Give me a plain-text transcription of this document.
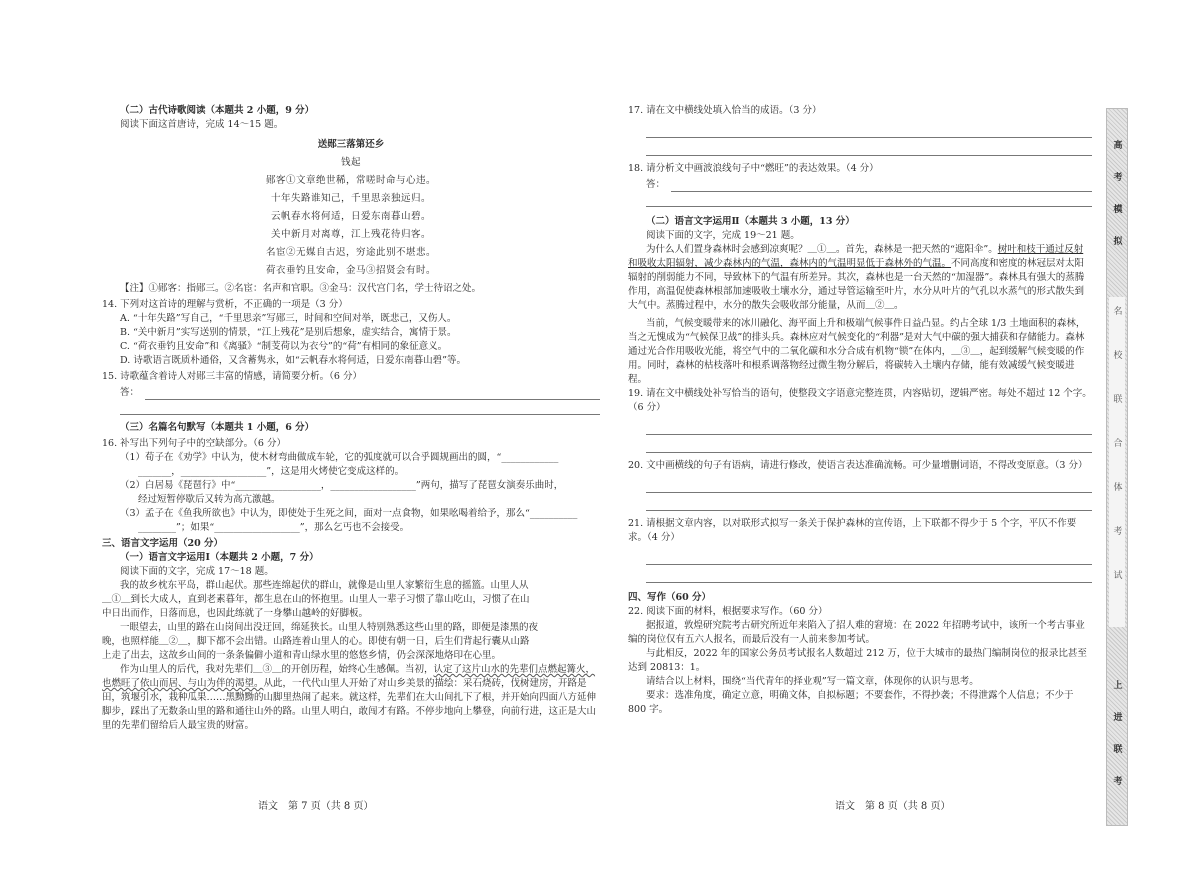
（二）古代诗歌阅读（本题共 2 小题，9 分）

阅读下面这首唐诗，完成 14～15 题。

送郧三落第还乡

钱起

郧客①文章绝世稀，常嗟时命与心违。

十年失路谁知己，千里思亲独远归。

云帆春水将何适，日爱东南暮山碧。

关中新月对离尊，江上残花待归客。

名宦②无媒自古迟，穷途此别不堪悲。

荷衣垂钓且安命，金马③招贤会有时。

【注】①郧客：指郧三。②名宦：名声和官职。③金马：汉代宫门名，学士待诏之处。

14. 下列对这首诗的理解与赏析，不正确的一项是（3 分）

A. “十年失路”写自己，“千里思亲”写郧三，时间和空间对举，既悲己，又伤人。

B. “关中新月”实写送别的情景，“江上残花”是别后想象，虚实结合，寓情于景。

C. “荷衣垂钓且安命”和《离骚》“制芰荷以为衣兮”的“荷”有相同的象征意义。

D. 诗歌语言既质朴通俗，又含蓄隽永，如“云帆春水将何适，日爱东南暮山碧”等。

15. 诗歌蕴含着诗人对郧三丰富的情感，请简要分析。（6 分）

答：

（三）名篇名句默写（本题共 1 小题，6 分）

16. 补写出下列句子中的空缺部分。（6 分）

（1）荀子在《劝学》中认为，使木材弯曲做成车轮，它的弧度就可以合乎圆规画出的圆，“____________

_______，__________________”，这是用火烤使它变成这样的。

（2）白居易《琵琶行》中“__________________，__________________”两句，描写了琵琶女演奏乐曲时，

经过短暂停歇后又转为高亢激越。

（3）孟子在《鱼我所欲也》中认为，即使处于生死之间，面对一点食物，如果吆喝着给予，那么“__________

________”；如果“__________________”，那么乞丐也不会接受。

三、语言文字运用（20 分）

（一）语言文字运用Ⅰ（本题共 2 小题，7 分）

阅读下面的文字，完成 17～18 题。

我的故乡枕东平岛，群山起伏。那些连绵起伏的群山，就像是山里人家繁衍生息的摇篮。山里人从

＿①＿到长大成人，直到老素暮年，都生息在山的怀抱里。山里人一辈子习惯了靠山吃山，习惯了在山

中日出而作，日落而息，也因此练就了一身攀山越岭的好脚板。

一眼望去，山里的路在山岗间出没迂回，绵延狭长。山里人特别熟悉这些山里的路，即便是漆黑的夜

晚，也照样能＿②＿，脚下都不会出错。山路连着山里人的心。即使有朝一日，后生们背起行囊从山路

上走了出去，这故乡山间的一条条偏僻小道和青山绿水里的悠悠乡情，仍会深深地烙印在心里。

作为山里人的后代，我对先辈们＿③＿的开创历程，始终心生感佩。当初，认定了这片山水的先辈们点燃起篝火，也燃旺了依山而居、与山为伴的渴望。从此，一代代山里人开始了对山乡美景的描绘：采石烧砖，伐树建房，开路是田，筑堰引水，栽种瓜果……黑黝黝的山脚里热闹了起来。就这样，先辈们在大山间扎下了根，并开始向四面八方延伸脚步，踩出了无数条山里的路和通往山外的路。山里人明白，敢闯才有路。不停步地向上攀登，向前行进，这正是大山里的先辈们留给后人最宝贵的财富。

语文　第 7 页（共 8 页）

17. 请在文中横线处填入恰当的成语。（3 分）

18. 请分析文中画波浪线句子中“燃旺”的表达效果。（4 分）

答：

（二）语言文字运用Ⅱ（本题共 3 小题，13 分）

阅读下面的文字，完成 19～21 题。

为什么人们置身森林时会感到凉爽呢？＿①＿。首先，森林是一把天然的“遮阳伞”。树叶和枝干通过反射和吸收太阳辐射，减少森林内的气温，森林内的气温明显低于森林外的气温。不同高度和密度的林冠层对太阳辐射的削弱能力不同，导致林下的气温有所差异。其次，森林也是一台天然的“加湿器”。森林具有强大的蒸腾作用，高温促使森林根部加速吸收土壤水分，通过导管运输至叶片，水分从叶片的气孔以水蒸气的形式散失到大气中。蒸腾过程中，水分的散失会吸收部分能量，从而＿②＿。

当前，气候变暖带来的冰川融化、海平面上升和极端气候事件日益凸显。约占全球 1/3 土地面积的森林，当之无愧成为“气候保卫战”的排头兵。森林应对气候变化的“利器”是对大气中碳的强大捕获和存储能力。森林通过光合作用吸收光能，将空气中的二氧化碳和水分合成有机物“锁”在体内，＿③＿，起到缓解气候变暖的作用。同时，森林的枯枝落叶和根系调落物经过微生物分解后，将碳转入土壤内存储，能有效减缓气候变暖进程。

19. 请在文中横线处补写恰当的语句，使整段文字语意完整连贯，内容贴切，逻辑严密。每处不超过 12 个字。（6 分）

20. 文中画横线的句子有语病，请进行修改，使语言表达准确流畅。可少量增删词语，不得改变原意。（3 分）

21. 请根据文章内容，以对联形式拟写一条关于保护森林的宣传语，上下联都不得少于 5 个字，平仄不作要求。（4 分）

四、写作（60 分）

22. 阅读下面的材料，根据要求写作。（60 分）

据报道，敦煌研究院考古研究所近年来陷入了招人难的窘境：在 2022 年招聘考试中，该所一个考古事业编的岗位仅有五六人报名，而最后没有一人前来参加考试。

与此相反，2022 年的国家公务员考试报名人数超过 212 万，位于大城市的最热门编制岗位的报录比甚至达到 20813：1。

请结合以上材料，围绕“当代青年的择业观”写一篇文章，体现你的认识与思考。

要求：选准角度，确定立意，明确文体，自拟标题；不要套作，不得抄袭；不得泄露个人信息；不少于 800 字。

语文　第 8 页（共 8 页）
高
考
模
拟
名
校
联
合
体
考
试
上
进
联
考
